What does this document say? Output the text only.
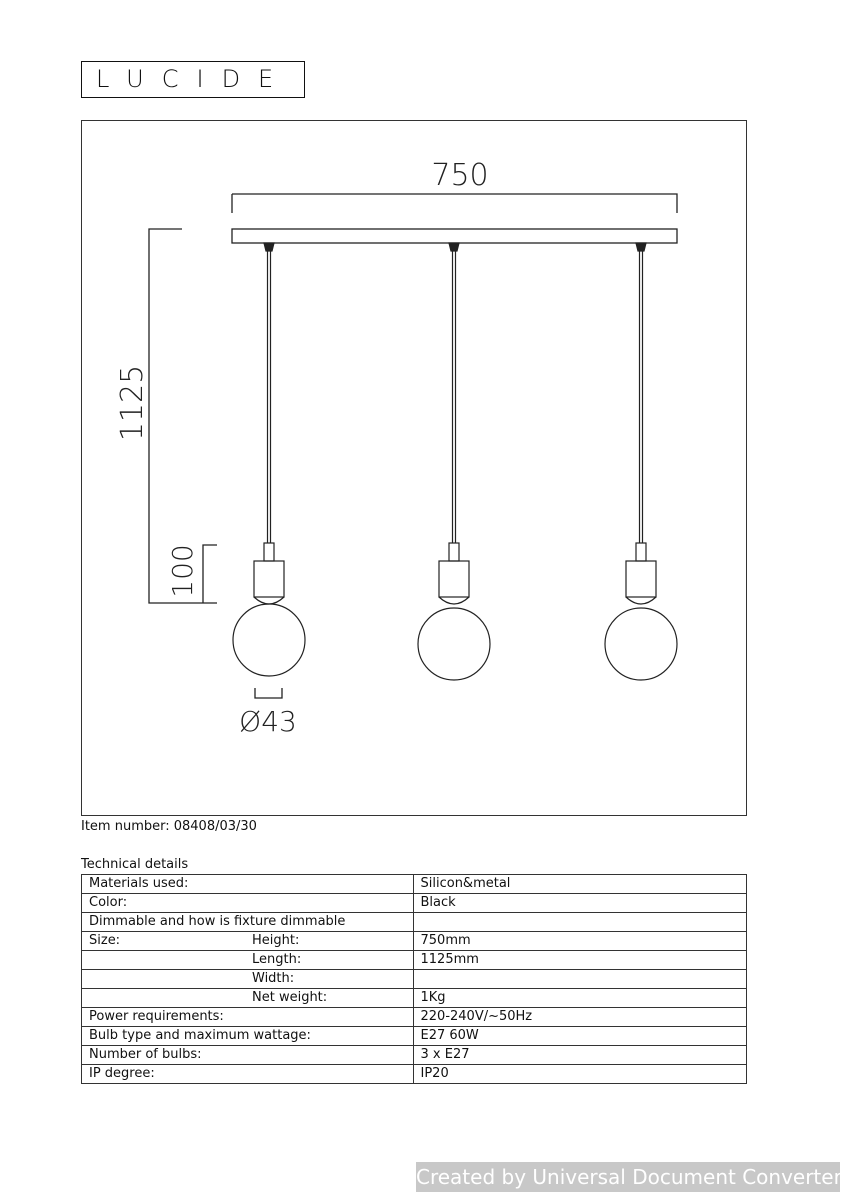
LUCIDE
750
1125
100
Ø43
Item number: 08408/03/30
Technical details
Materials used:	Silicon&metal
Color:	Black
Dimmable and how is fixture dimmable	
Size: Height:	750mm

Length:	1125mm

Width:	

Net weight:	1Kg
Power requirements:	220-240V/~50Hz
Bulb type and maximum wattage:	E27 60W
Number of bulbs:	3 x E27
IP degree:	IP20
Created by Universal Document Converter
